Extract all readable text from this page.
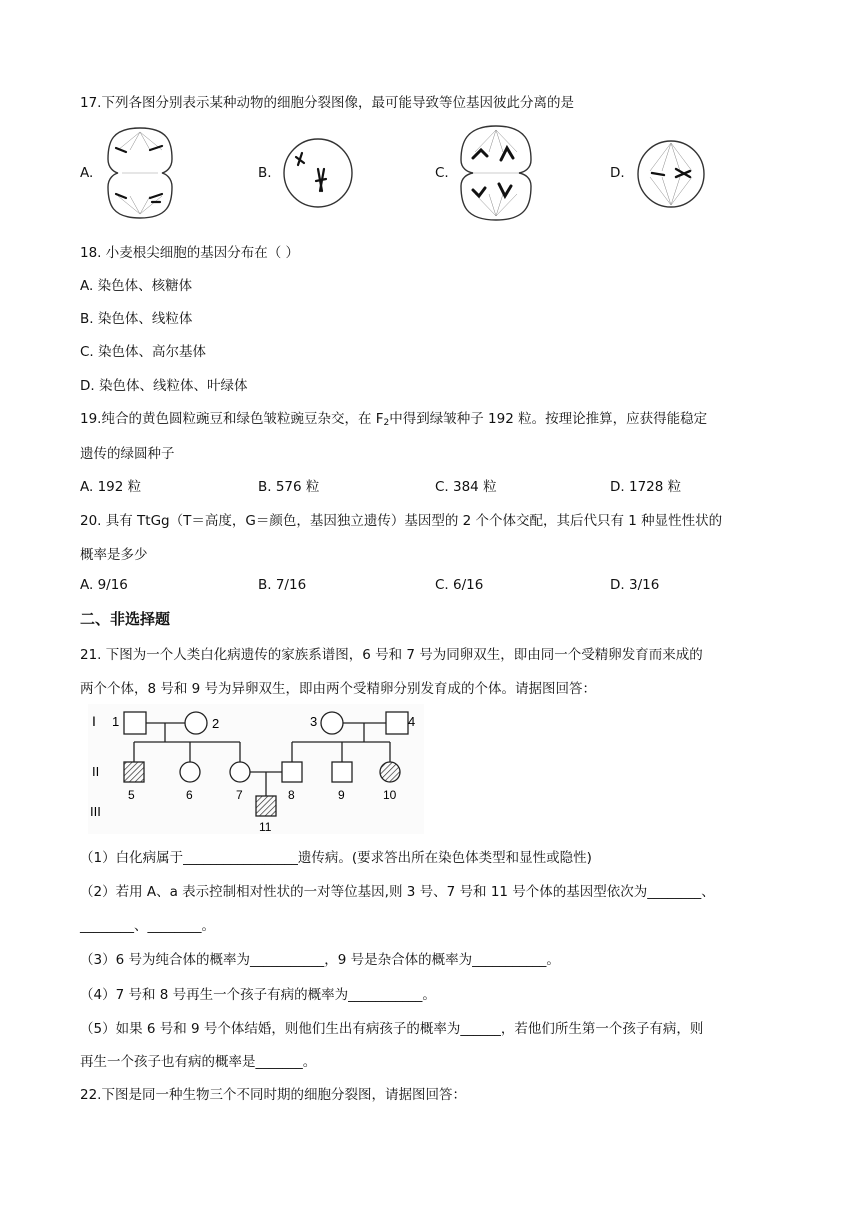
17.下列各图分别表示某种动物的细胞分裂图像，最可能导致等位基因彼此分离的是
A.	B.	C.	D.
18. 小麦根尖细胞的基因分布在（ ）
A. 染色体、核糖体
B. 染色体、线粒体
C. 染色体、高尔基体
D. 染色体、线粒体、叶绿体
19.纯合的黄色圆粒豌豆和绿色皱粒豌豆杂交，在 $F_2$中得到绿皱种子 192 粒。按理论推算，应获得能稳定
遗传的绿圆种子
A. 192 粒	B. 576 粒	C. 384 粒	D. 1728 粒
20. 具有 TtGg（T＝高度，G＝颜色，基因独立遗传）基因型的 2 个个体交配，其后代只有 1 种显性性状的
概率是多少
A. 9/16	B. 7/16	C. 6/16	D. 3/16
二、非选择题
21. 下图为一个人类白化病遗传的家族系谱图，6 号和 7 号为同卵双生，即由同一个受精卵发育而来成的
两个个体，8 号和 9 号为异卵双生，即由两个受精卵分别发育成的个体。请据图回答：
I
II
III
1	2	3	4
5	6	7	8	9	10
11
（1）白化病属于_________________遗传病。(要求答出所在染色体类型和显性或隐性)
（2）若用 A、a 表示控制相对性状的一对等位基因,则 3 号、7 号和 11 号个体的基因型依次为________、
________、________。
（3）6 号为纯合体的概率为___________，9 号是杂合体的概率为___________。
（4）7 号和 8 号再生一个孩子有病的概率为___________。
（5）如果 6 号和 9 号个体结婚，则他们生出有病孩子的概率为______，若他们所生第一个孩子有病，则
再生一个孩子也有病的概率是_______。
22.下图是同一种生物三个不同时期的细胞分裂图，请据图回答：
